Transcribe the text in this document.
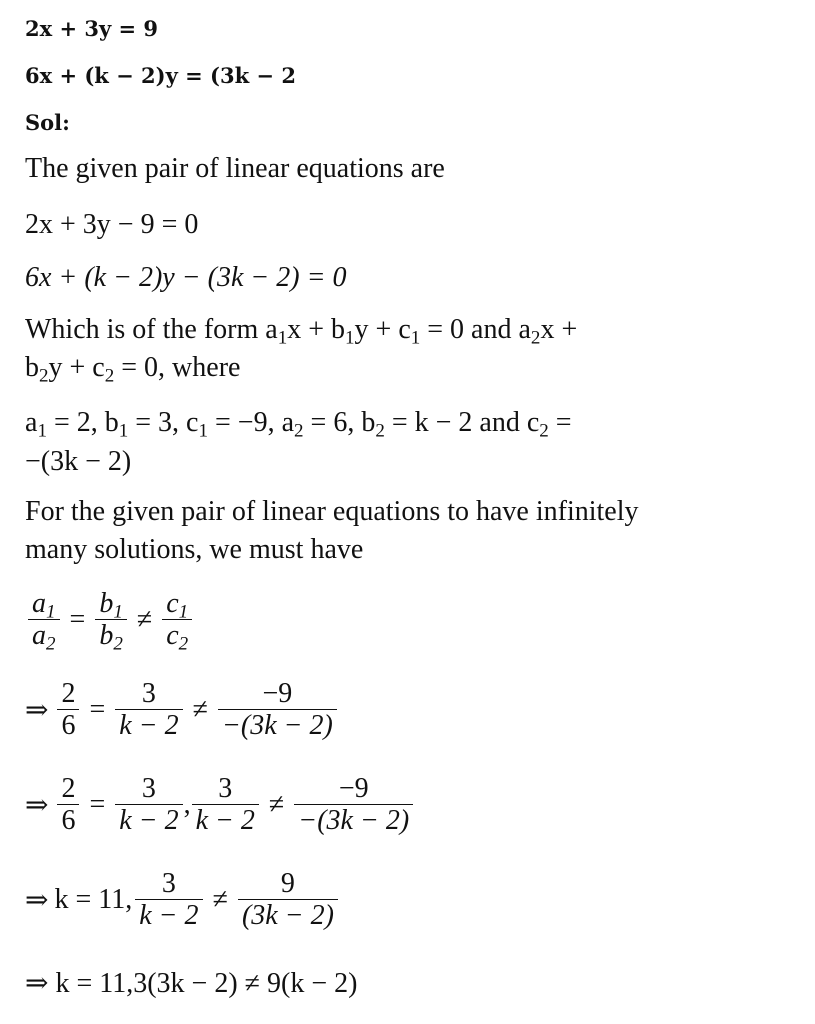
2x + 3y = 9
6x + (k − 2)y = (3k − 2
Sol:
The given pair of linear equations are
2x + 3y − 9 = 0
6x + (k − 2)y − (3k − 2) = 0
Which is of the form $a_1x + b_1y + c_1 = 0$ and $a_2x$ +
$b_2y + c_2 = 0$, where
$a_1 = 2$, $b_1 = 3$, $c_1 = -9$, $a_2 = 6$, $b_2 = k - 2$ and $c_2$ =
−(3k − 2)
For the given pair of linear equations to have infinitely
many solutions, we must have
$\frac{a_1}{a_2} = \frac{b_1}{b_2} \ne \frac{c_1}{c_2}$
⇒ $\frac{2}{6} = \frac{3}{k - 2} \ne \frac{-9}{-(3k - 2)}$
⇒ $\frac{2}{6} = \frac{3}{k - 2}$ , $\frac{3}{k - 2} \ne \frac{-9}{-(3k - 2)}$
⇒ k = 11, $\frac{3}{k - 2} \ne \frac{9}{(3k - 2)}$
⇒ k = 11,3(3k − 2) ≠ 9(k − 2)
